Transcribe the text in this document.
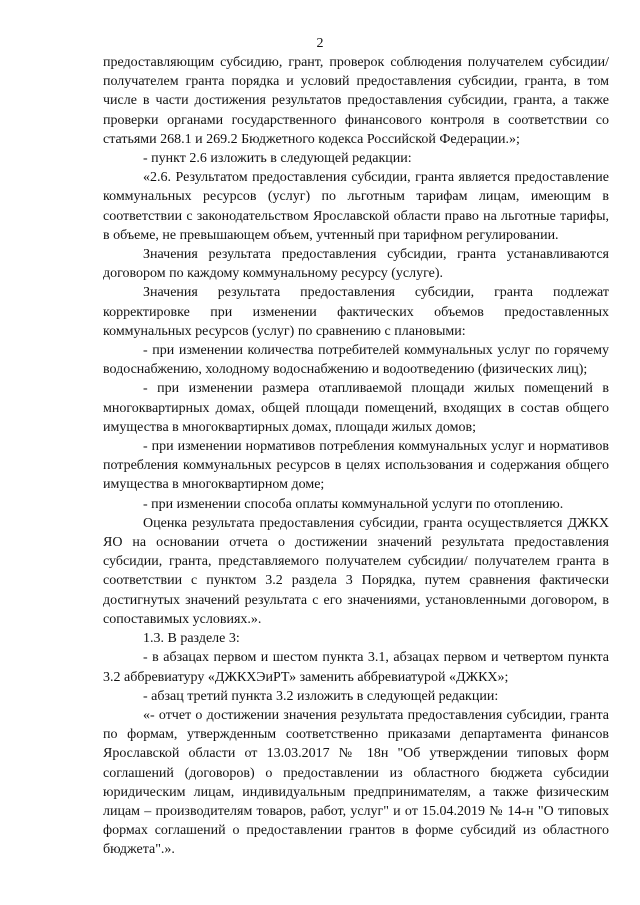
2

предоставляющим субсидию, грант, проверок соблюдения получателем субсидии/ получателем гранта порядка и условий предоставления субсидии, гранта, в том числе в части достижения результатов предоставления субсидии, гранта, а также проверки органами государственного финансового контроля в соответствии со статьями 268.1 и 269.2 Бюджетного кодекса Российской Федерации.»;

- пункт 2.6 изложить в следующей редакции:

«2.6. Результатом предоставления субсидии, гранта является предоставление коммунальных ресурсов (услуг) по льготным тарифам лицам, имеющим в соответствии с законодательством Ярославской области право на льготные тарифы, в объеме, не превышающем объем, учтенный при тарифном регулировании.

Значения результата предоставления субсидии, гранта устанавливаются договором по каждому коммунальному ресурсу (услуге).

Значения результата предоставления субсидии, гранта подлежат корректировке при изменении фактических объемов предоставленных коммунальных ресурсов (услуг) по сравнению с плановыми:

- при изменении количества потребителей коммунальных услуг по горячему водоснабжению, холодному водоснабжению и водоотведению (физических лиц);

- при изменении размера отапливаемой площади жилых помещений в многоквартирных домах, общей площади помещений, входящих в состав общего имущества в многоквартирных домах, площади жилых домов;

- при изменении нормативов потребления коммунальных услуг и нормативов потребления коммунальных ресурсов в целях использования и содержания общего имущества в многоквартирном доме;

- при изменении способа оплаты коммунальной услуги по отоплению.

Оценка результата предоставления субсидии, гранта осуществляется ДЖКХ ЯО на основании отчета о достижении значений результата предоставления субсидии, гранта, представляемого получателем субсидии/ получателем гранта в соответствии с пунктом 3.2 раздела 3 Порядка, путем сравнения фактически достигнутых значений результата с его значениями, установленными договором, в сопоставимых условиях.».

1.3. В разделе 3:

- в абзацах первом и шестом пункта 3.1, абзацах первом и четвертом пункта 3.2 аббревиатуру «ДЖКХЭиРТ» заменить аббревиатурой «ДЖКХ»;

- абзац третий пункта 3.2 изложить в следующей редакции:

«- отчет о достижении значения результата предоставления субсидии, гранта по формам, утвержденным соответственно приказами департамента финансов Ярославской области от 13.03.2017 № 18н "Об утверждении типовых форм соглашений (договоров) о предоставлении из областного бюджета субсидии юридическим лицам, индивидуальным предпринимателям, а также физическим лицам – производителям товаров, работ, услуг" и от 15.04.2019 № 14-н "О типовых формах соглашений о предоставлении грантов в форме субсидий из областного бюджета".».
